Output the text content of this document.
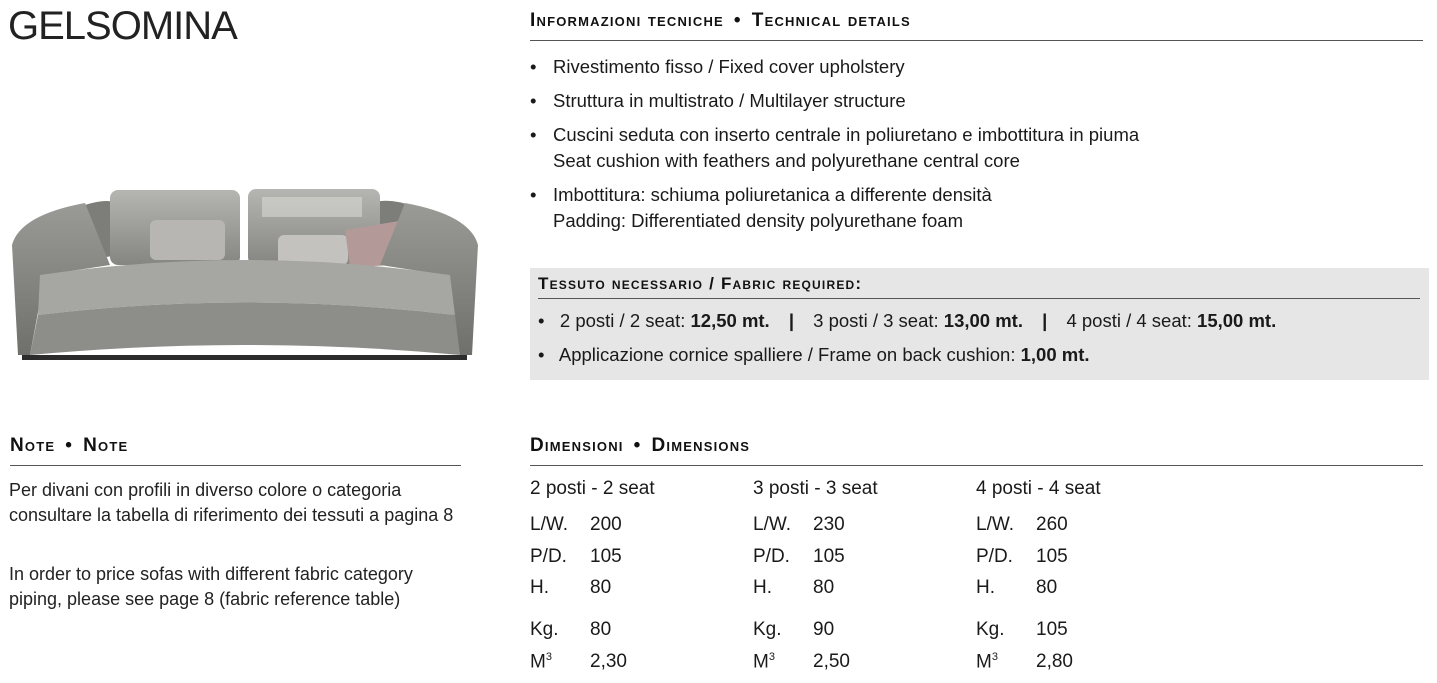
GELSOMINA	Informazioni tecniche • Technical details
• Rivestimento fisso / Fixed cover upholstery
• Struttura in multistrato / Multilayer structure
• Cuscini seduta con inserto centrale in poliuretano e imbottitura in piuma
Seat cushion with feathers and polyurethane central core
• Imbottitura: schiuma poliuretanica a differente densità
Padding: Differentiated density polyurethane foam
Tessuto necessario / Fabric required:
•   2 posti / 2 seat: 12,50 mt. | 3 posti / 3 seat: 13,00 mt. | 4 posti / 4 seat: 15,00 mt.
•   Applicazione cornice spalliere / Frame on back cushion: 1,00 mt.
Note • Note
Per divani con profili in diverso colore o categoria consultare la tabella di riferimento dei tessuti a pagina 8
In order to price sofas with different fabric category piping, please see page 8 (fabric reference table)
Dimensioni • Dimensions
2 posti - 2 seat
L/W. 200
P/D. 105
H. 80
Kg. 80
$M^3$ 2,30
3 posti - 3 seat
L/W. 230
P/D. 105
H. 80
Kg. 90
$M^3$ 2,50
4 posti - 4 seat
L/W. 260
P/D. 105
H. 80
Kg. 105
$M^3$ 2,80
